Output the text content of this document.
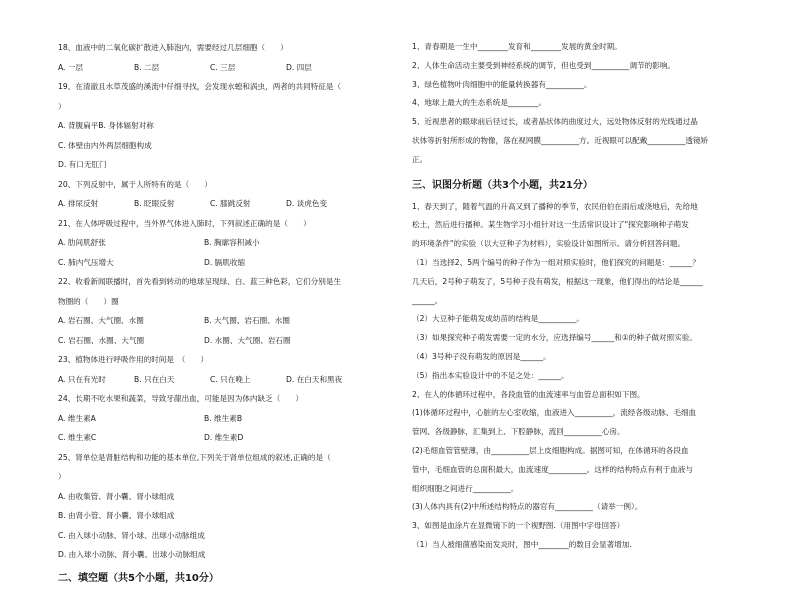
18、血液中的二氧化碳扩散进入肺泡内，需要经过几层细胞（　　）
A. 一层	B. 二层	C. 三层	D. 四层
19、在清澈且水草茂盛的溪流中仔细寻找，会发现水螅和涡虫，两者的共同特征是（
）
A. 背腹扁平B. 身体辐射对称
C. 体壁由内外两层细胞构成
D. 有口无肛门
20、下列反射中，属于人所特有的是（　　）
A. 排尿反射	B. 眨眼反射	C. 膝跳反射	D. 谈虎色变
21、在人体呼吸过程中，当外界气体进入肺时，下列叙述正确的是（　　）
A. 肋间肌舒张	B. 胸廓容积减小
C. 肺内气压增大	D. 膈肌收缩
22、收看新闻联播时，首先看到转动的地球呈现绿、白、蓝三种色彩，它们分别是生
物圈的（　　）圈
A. 岩石圈、大气圈、水圈	B. 大气圈、岩石圈、水圈
C. 岩石圈、水圈、大气圈	D. 水圈、大气圈、岩石圈
23、植物体进行呼吸作用的时间是　（　　）
A. 只在有光时	B. 只在白天	C. 只在晚上	D. 在白天和黑夜
24、长期不吃水果和蔬菜，导致牙龈出血，可能是因为体内缺乏（　　）
A. 维生素A	B. 维生素B
C. 维生素C	D. 维生素D
25、肾单位是肾脏结构和功能的基本单位,下列关于肾单位组成的叙述,正确的是（
）
A. 由收集管、肾小囊、肾小球组成
B. 由肾小管、肾小囊、肾小球组成
C. 由入球小动脉、肾小球、出球小动脉组成
D. 由入球小动脉、肾小囊、出球小动脉组成
二、填空题（共5个小题，共10分）
1、青春期是一生中________发育和________发展的黄金时期。
2、人体生命活动主要受到神经系统的调节，但也受到__________调节的影响。
3、绿色植物叶肉细胞中的能量转换器有__________。
4、地球上最大的生态系统是________。
5、近视患者的眼球前后径过长，或者晶状体的曲度过大，远处物体反射的光线通过晶
状体等折射所形成的物像，落在视网膜__________方。近视眼可以配戴__________透镜矫
正。
三、识图分析题（共3个小题，共21分）
1、春天到了，随着气温的升高又到了播种的季节，农民伯伯在雨后或浇地后，先给地
松土，然后进行播种。某生物学习小组针对这一生活常识设计了"探究影响种子萌发
的环境条件"的实验（以大豆种子为材料），实验设计如图所示。请分析回答问题。
（1）当选择2、5两个编号的种子作为一组对照实验时，他们探究的问题是：______？
几天后，2号种子萌发了，5号种子没有萌发，根据这一现象，他们得出的结论是______
______。
（2）大豆种子能萌发成幼苗的结构是__________。
（3）如果探究种子萌发需要一定的水分，应选择编号______和①的种子做对照实验。
（4）3号种子没有萌发的原因是______。
（5）指出本实验设计中的不足之处：______。
2、在人的体循环过程中，各段血管的血流速率与血管总面积如下图。
(1)体循环过程中，心脏的左心室收缩，血液进入__________，流经各级动脉、毛细血
管网、各级静脉，汇集到上、下腔静脉，流回__________心房。
(2)毛细血管管壁薄，由__________层上皮细胞构成。据图可知，在体循环的各段血
管中，毛细血管的总面积最大，血流速度__________。这样的结构特点有利于血液与
组织细胞之间进行__________。
(3)人体内具有(2)中所述结构特点的器官有__________（请举一例）。
3、如图是血涂片在显微镜下的一个视野图.（用图中字母回答）
（1）当人被细菌感染而发炎时，图中________的数目会显著增加.
